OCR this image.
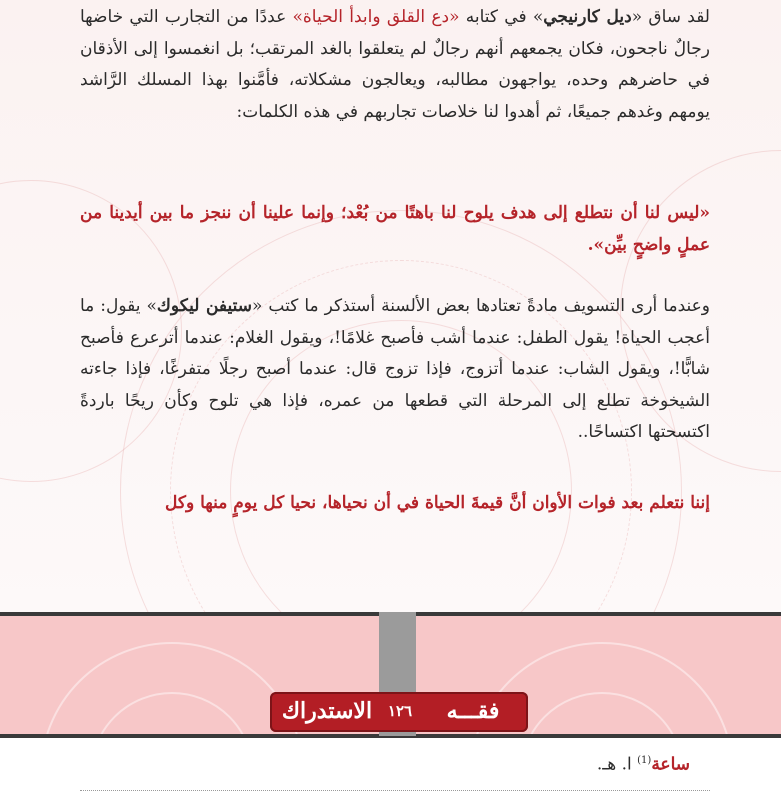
لقد ساق «ديل كارنيجي» في كتابه «دع القلق وابدأ الحياة» عددًا من التجارب التي خاضها رجالٌ ناجحون، فكان يجمعهم أنهم رجالٌ لم يتعلقوا بالغد المرتقب؛ بل انغمسوا إلى الأذقان في حاضرهم وحده، يواجهون مطالبه، ويعالجون مشكلاته، فأمَّنوا بهذا المسلك الرَّاشد يومهم وغدهم جميعًا، ثم أهدوا لنا خلاصات تجاربهم في هذه الكلمات:

«ليس لنا أن نتطلع إلى هدف يلوح لنا باهتًا من بُعْد؛ وإنما علينا أن ننجز ما بين أيدينا من عملٍ واضحٍ بيِّن».

وعندما أرى التسويف مادةً تعتادها بعض الألسنة أستذكر ما كتب «ستيفن ليكوك» يقول: ما أعجب الحياة! يقول الطفل: عندما أشب فأصبح غلامًا!، ويقول الغلام: عندما أترعرع فأصبح شابًّا!، ويقول الشاب: عندما أتزوج، فإذا تزوج قال: عندما أصبح رجلًا متفرغًا، فإذا جاءته الشيخوخة تطلع إلى المرحلة التي قطعها من عمره، فإذا هي تلوح وكأن ريحًا باردةً اكتسحتها اكتساحًا..

إننا نتعلم بعد فوات الأوان أنَّ قيمةَ الحياة في أن نحياها، نحيا كل يومٍ منها وكل

الاستدراك	١٢٦	فقـــه
ساعة$^{(1)}$ ا. هـ.
